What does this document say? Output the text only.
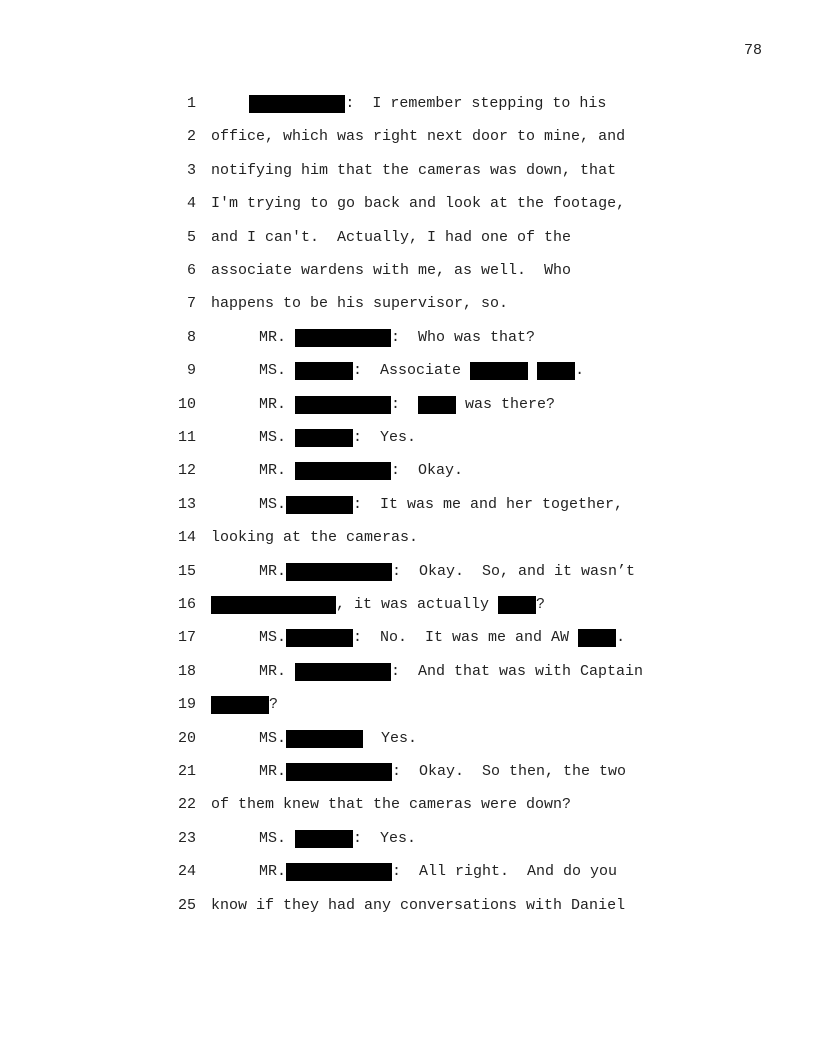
78
1	:  I remember stepping to his
2 office, which was right next door to mine, and
3 notifying him that the cameras was down, that
4 I'm trying to go back and look at the footage,
5 and I can't.  Actually, I had one of the
6 associate wardens with me, as well.  Who
7 happens to be his supervisor, so.
8	MR.	:  Who was that?
9	MS.	:  Associate	.
10	MR.	:	was there?
11	MS.	:  Yes.
12	MR.	:  Okay.
13	MS.	:  It was me and her together,
14 looking at the cameras.
15	MR.	:  Okay.  So, and it wasn’t
16	, it was actually	?
17	MS.	:  No.  It was me and AW	.
18	MR.	:  And that was with Captain
19	?
20	MS.	Yes.
21	MR.	:  Okay.  So then, the two
22 of them knew that the cameras were down?
23	MS.	:  Yes.
24	MR.	:  All right.  And do you
25 know if they had any conversations with Daniel
